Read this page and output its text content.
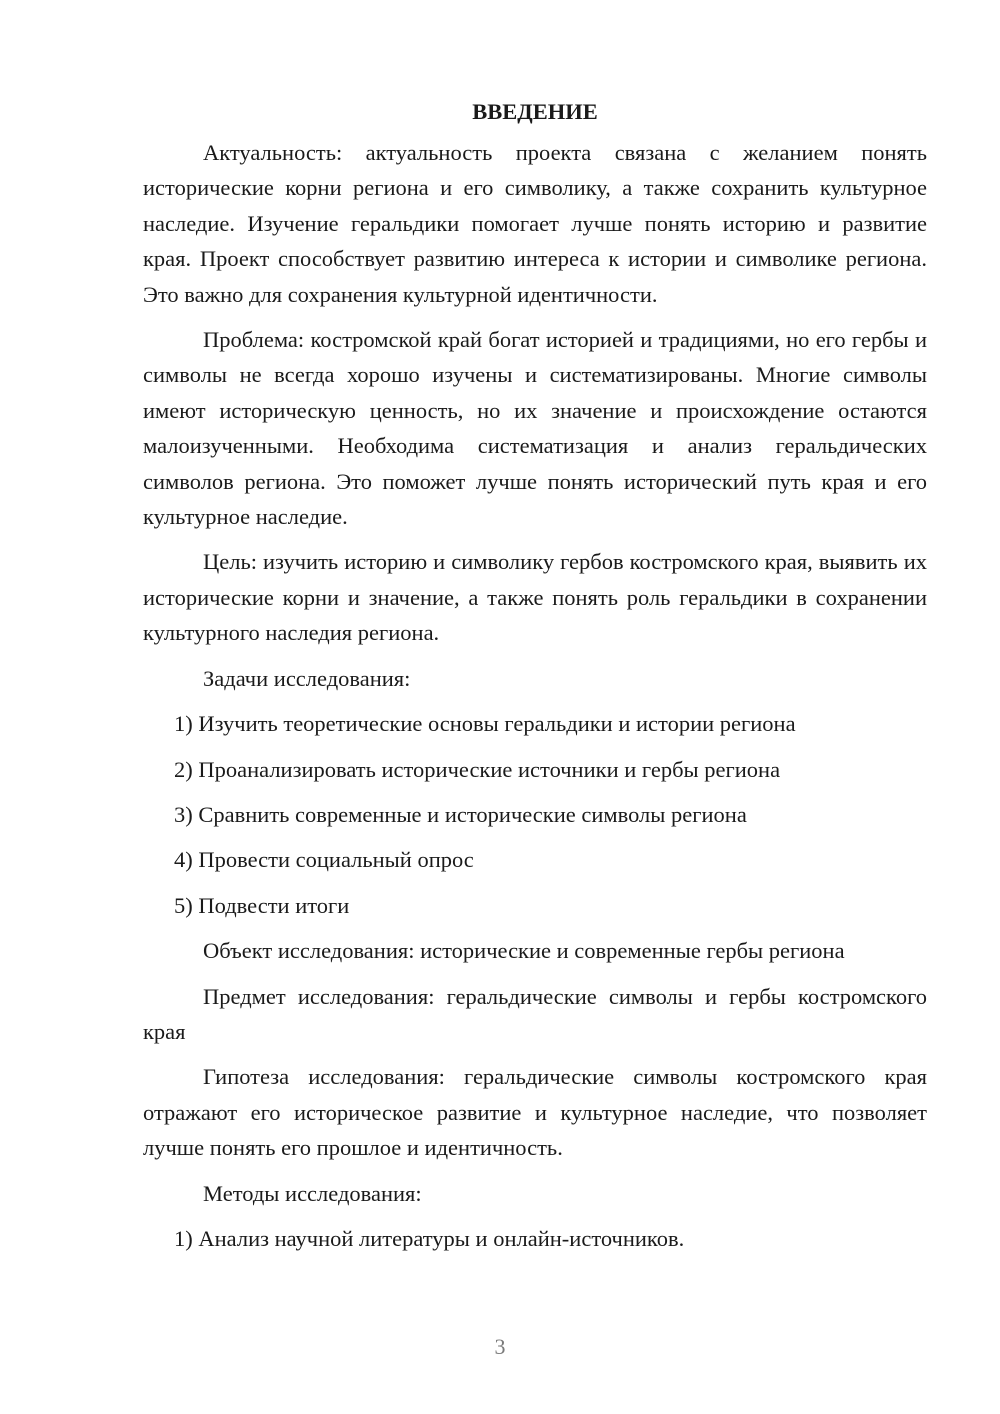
ВВЕДЕНИЕ

Актуальность: актуальность проекта связана с желанием понять исторические корни региона и его символику, а также сохранить культурное наследие. Изучение геральдики помогает лучше понять историю и развитие края. Проект способствует развитию интереса к истории и символике региона. Это важно для сохранения культурной идентичности.

Проблема: костромской край богат историей и традициями, но его гербы и символы не всегда хорошо изучены и систематизированы. Многие символы имеют историческую ценность, но их значение и происхождение остаются малоизученными. Необходима систематизация и анализ геральдических символов региона. Это поможет лучше понять исторический путь края и его культурное наследие.

Цель: изучить историю и символику гербов костромского края, выявить их исторические корни и значение, а также понять роль геральдики в сохранении культурного наследия региона.

Задачи исследования:

1) Изучить теоретические основы геральдики и истории региона

2) Проанализировать исторические источники и гербы региона

3) Сравнить современные и исторические символы региона

4) Провести социальный опрос

5) Подвести итоги

Объект исследования: исторические и современные гербы региона

Предмет исследования: геральдические символы и гербы костромского края

Гипотеза исследования: геральдические символы костромского края отражают его историческое развитие и культурное наследие, что позволяет лучше понять его прошлое и идентичность.

Методы исследования:

1) Анализ научной литературы и онлайн-источников.

3
